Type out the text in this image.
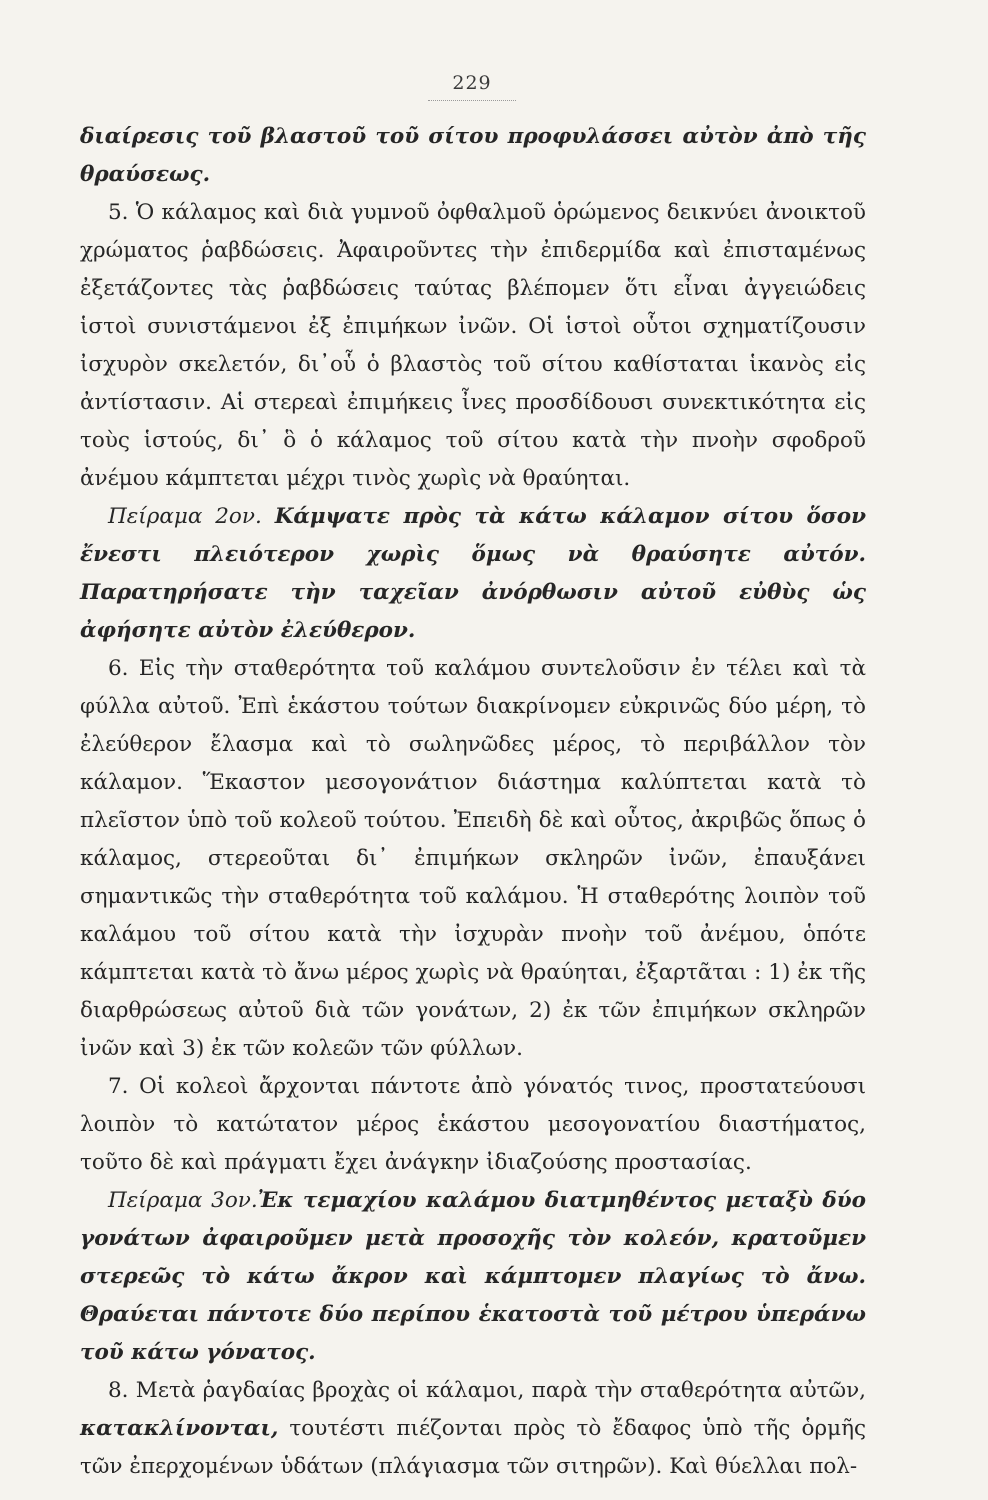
229

διαίρεσις τοῦ βλαστοῦ τοῦ σίτου προφυλάσσει αὐτὸν ἀπὸ τῆς θραύσεως.

5. Ὁ κάλαμος καὶ διὰ γυμνοῦ ὀφθαλμοῦ ὁρώμενος δεικνύει ἀνοικτοῦ χρώματος ῥαβδώσεις. Ἀφαιροῦντες τὴν ἐπιδερμίδα καὶ ἐπισταμένως ἐξετάζοντες τὰς ῥαβδώσεις ταύτας βλέπομεν ὅτι εἶναι ἀγγειώδεις ἱστοὶ συνιστάμενοι ἐξ ἐπιμήκων ἰνῶν. Οἱ ἱστοὶ οὗτοι σχηματίζουσιν ἰσχυρὸν σκελετόν, δι᾽οὗ ὁ βλαστὸς τοῦ σίτου καθίσταται ἱκανὸς εἰς ἀντίστασιν. Αἱ στερεαὶ ἐπιμήκεις ἶνες προσδίδουσι συνεκτικότητα εἰς τοὺς ἱστούς, δι᾽ ὃ ὁ κάλαμος τοῦ σίτου κατὰ τὴν πνοὴν σφοδροῦ ἀνέμου κάμπτεται μέχρι τινὸς χωρὶς νὰ θραύηται.

Πείραμα 2ον. Κάμψατε πρὸς τὰ κάτω κάλαμον σίτου ὅσον ἔνεστι πλειότερον χωρὶς ὅμως νὰ θραύσητε αὐτόν. Παρατηρήσατε τὴν ταχεῖαν ἀνόρθωσιν αὐτοῦ εὐθὺς ὡς ἀφήσητε αὐτὸν ἐλεύθερον.

6. Εἰς τὴν σταθερότητα τοῦ καλάμου συντελοῦσιν ἐν τέλει καὶ τὰ φύλλα αὐτοῦ. Ἐπὶ ἑκάστου τούτων διακρίνομεν εὐκρινῶς δύο μέρη, τὸ ἐλεύθερον ἔλασμα καὶ τὸ σωληνῶδες μέρος, τὸ περιβάλλον τὸν κάλαμον. Ἕκαστον μεσογονάτιον διάστημα καλύπτεται κατὰ τὸ πλεῖστον ὑπὸ τοῦ κολεοῦ τούτου. Ἐπειδὴ δὲ καὶ οὗτος, ἀκριβῶς ὅπως ὁ κάλαμος, στερεοῦται δι᾽ ἐπιμήκων σκληρῶν ἰνῶν, ἐπαυξάνει σημαντικῶς τὴν σταθερότητα τοῦ καλάμου. Ἡ σταθερότης λοιπὸν τοῦ καλάμου τοῦ σίτου κατὰ τὴν ἰσχυρὰν πνοὴν τοῦ ἀνέμου, ὁπότε κάμπτεται κατὰ τὸ ἄνω μέρος χωρὶς νὰ θραύηται, ἐξαρτᾶται : 1) ἐκ τῆς διαρθρώσεως αὐτοῦ διὰ τῶν γονάτων, 2) ἐκ τῶν ἐπιμήκων σκληρῶν ἰνῶν καὶ 3) ἐκ τῶν κολεῶν τῶν φύλλων.

7. Οἱ κολεοὶ ἄρχονται πάντοτε ἀπὸ γόνατός τινος, προστατεύουσι λοιπὸν τὸ κατώτατον μέρος ἑκάστου μεσογονατίου διαστήματος, τοῦτο δὲ καὶ πράγματι ἔχει ἀνάγκην ἰδιαζούσης προστασίας.

Πείραμα 3ον.Ἐκ τεμαχίου καλάμου διατμηθέντος μεταξὺ δύο γονάτων ἀφαιροῦμεν μετὰ προσοχῆς τὸν κολεόν, κρατοῦμεν στερεῶς τὸ κάτω ἄκρον καὶ κάμπτομεν πλαγίως τὸ ἄνω. Θραύεται πάντοτε δύο περίπου ἑκατοστὰ τοῦ μέτρου ὑπεράνω τοῦ κάτω γόνατος.

8. Μετὰ ῥαγδαίας βροχὰς οἱ κάλαμοι, παρὰ τὴν σταθερότητα αὐτῶν, κατακλίνονται, τουτέστι πιέζονται πρὸς τὸ ἔδαφος ὑπὸ τῆς ὁρμῆς τῶν ἐπερχομένων ὑδάτων (πλάγιασμα τῶν σιτηρῶν). Καὶ θύελλαι πολ-
